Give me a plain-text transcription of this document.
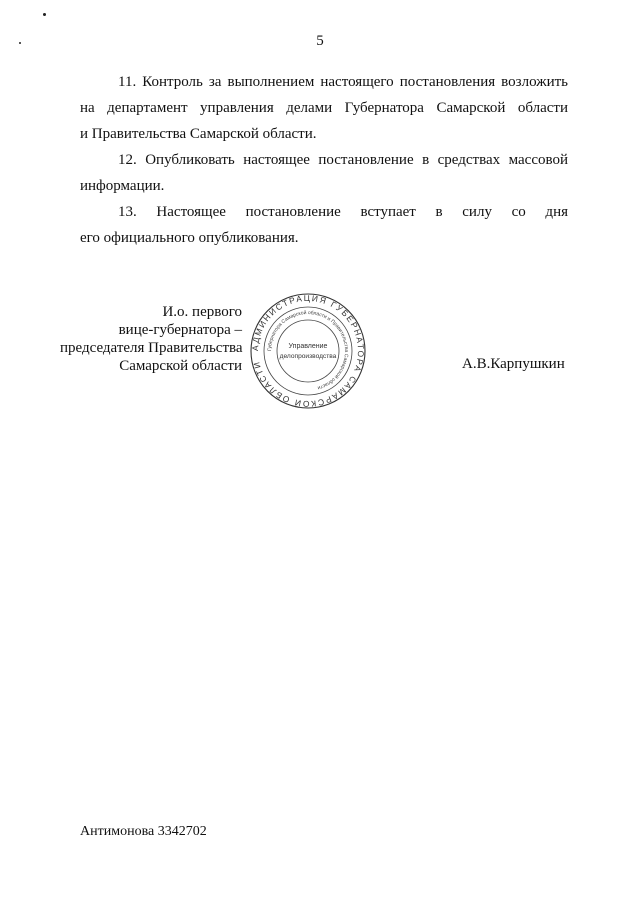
5

11. Контроль за выполнением настоящего постановления возложить

на департамент управления делами Губернатора Самарской области

и Правительства Самарской области.

12. Опубликовать настоящее постановление в средствах массовой

информации.

13. Настоящее постановление вступает в силу со дня

его официального опубликования.

И.о. первого
вице-губернатора –
председателя Правительства
Самарской области
АДМИНИСТРАЦИЯ ГУБЕРНАТОРА САМАРСКОЙ ОБЛАСТИ
Губернатора Самарской области и Правительства Самарской области
Управление
делопроизводства	А.В.Карпушкин
Антимонова 3342702
